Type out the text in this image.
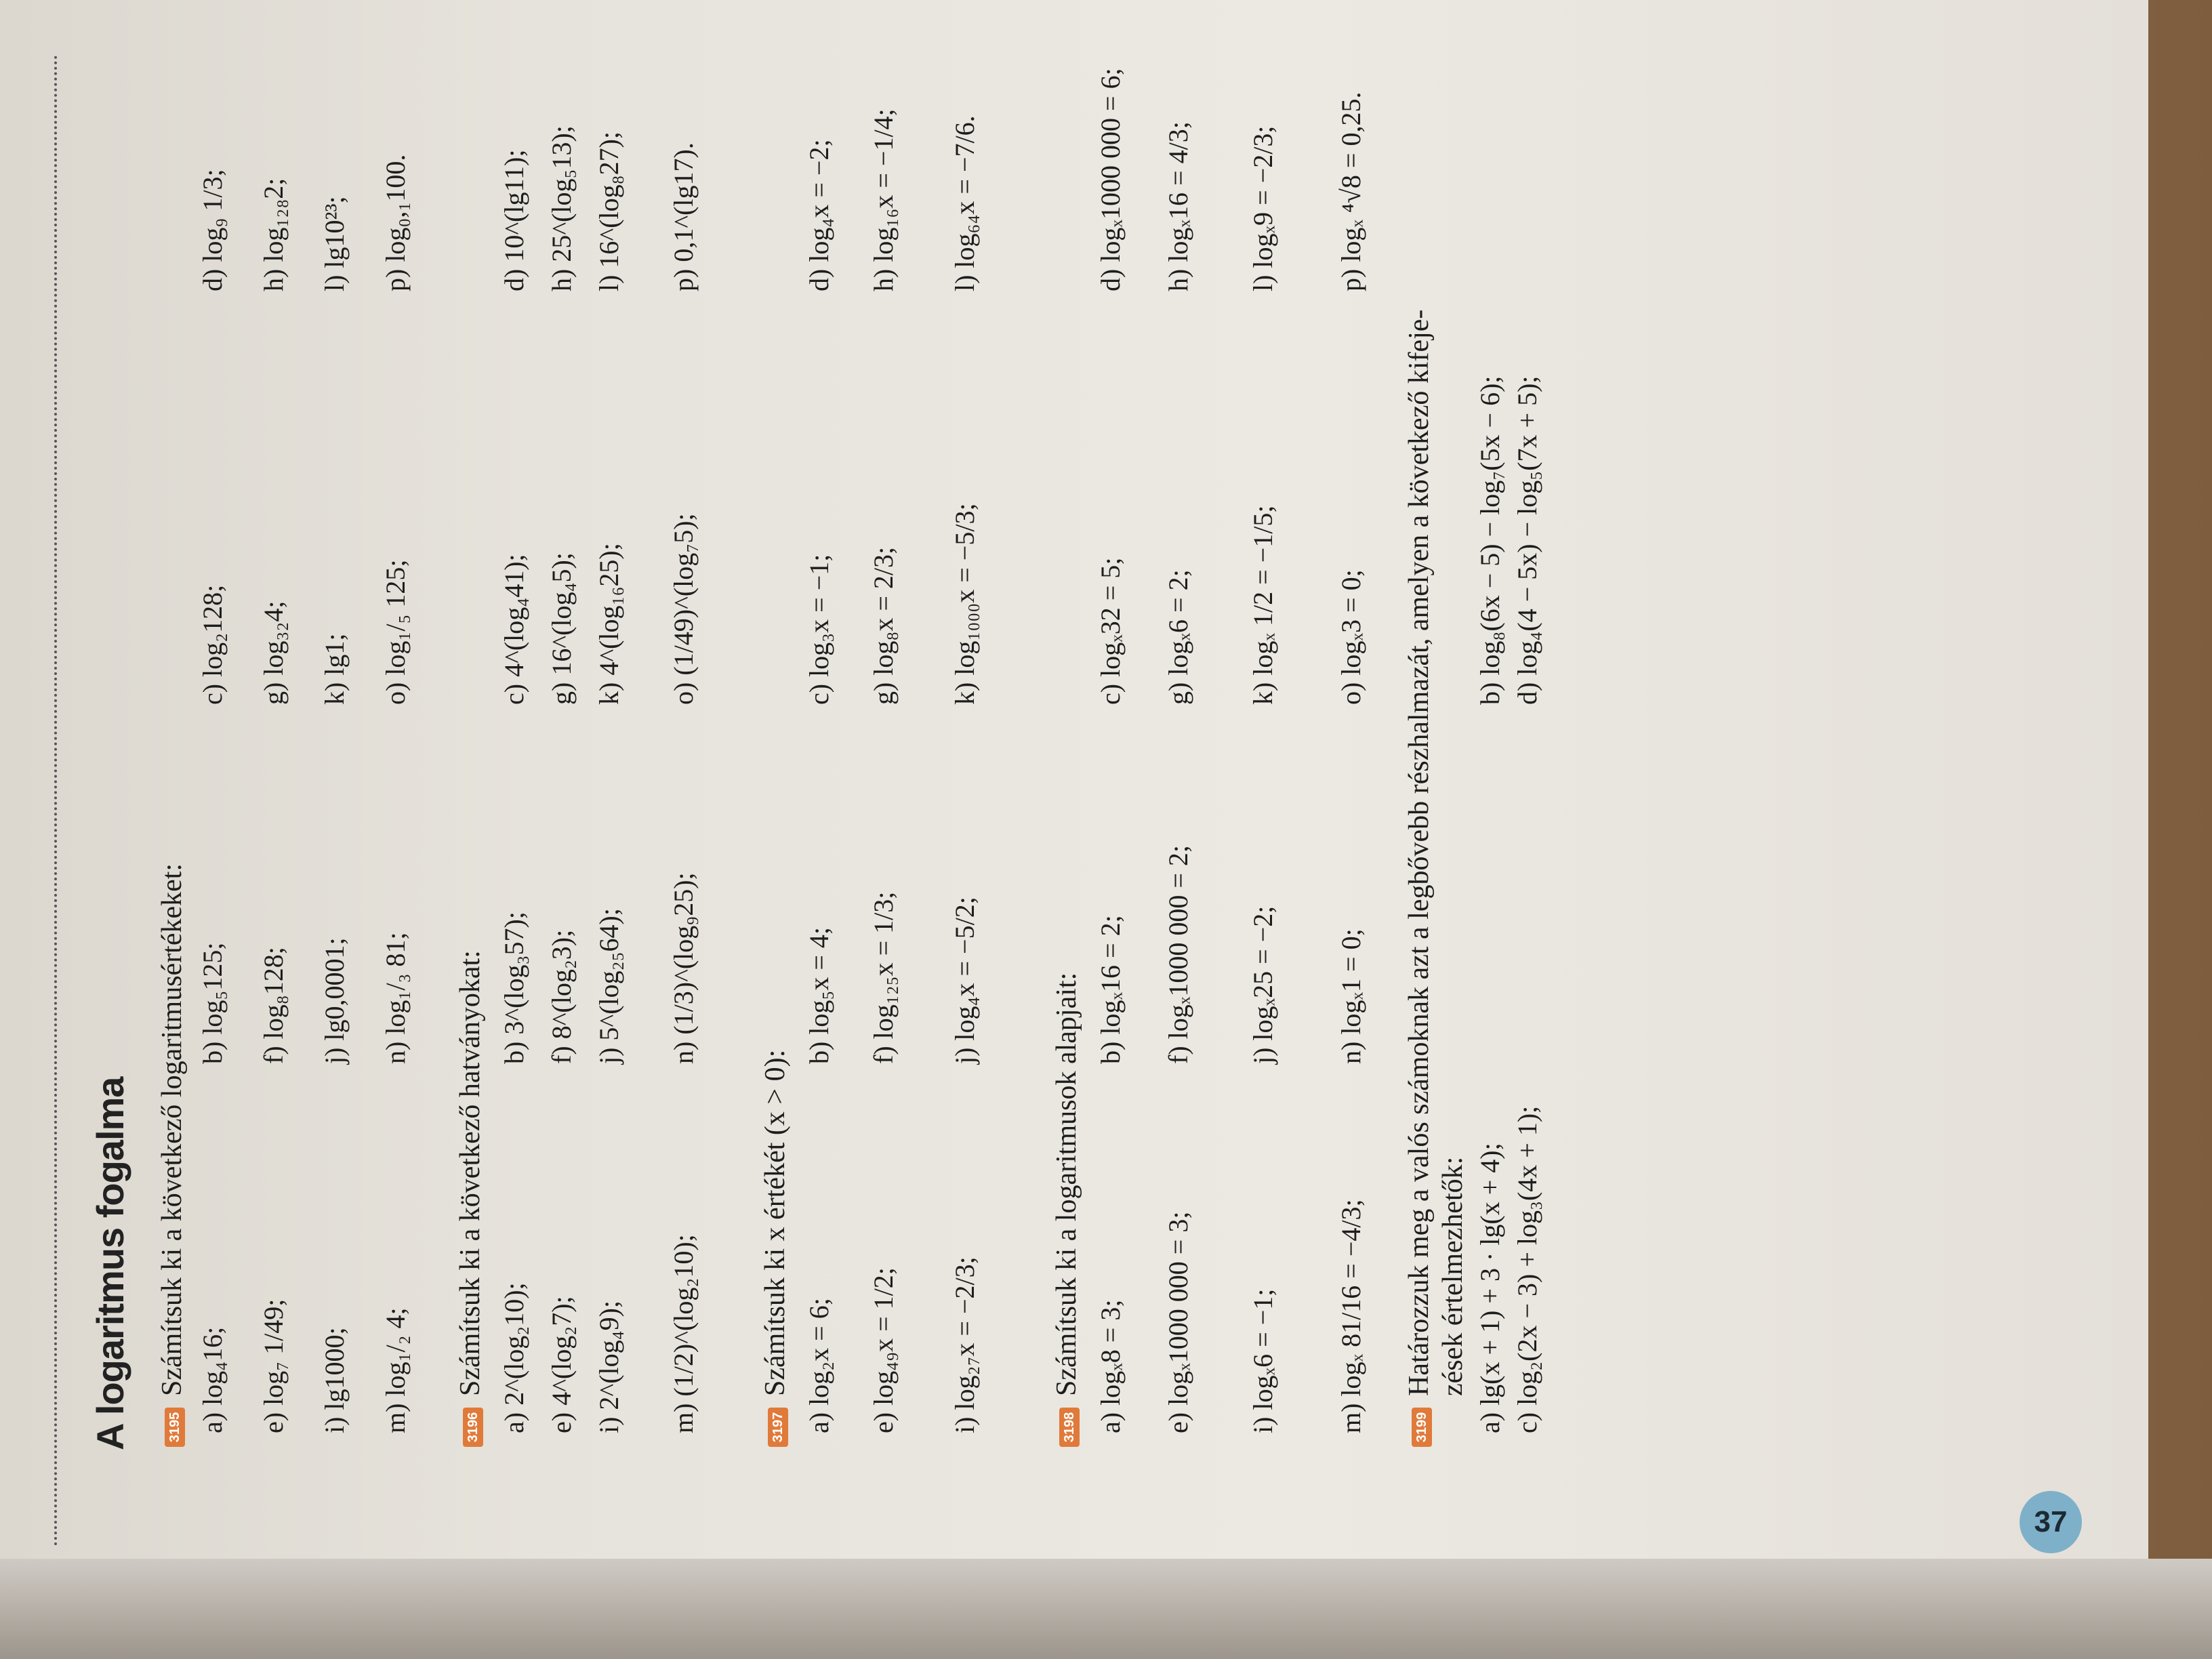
A logaritmus fogalma	3195
Számítsuk ki a következő logaritmusértékeket: a) log₄16;
b) log₅125;
c) log₂128;
d) log₉ 1/3;
e) log₇ 1/49;
f) log₈128;
g) log₃₂4;
h) log₁₂₈2;
i) lg1000;
j) lg0,0001;
k) lg1;
l) lg10²³;
m) log₁/₂ 4;
n) log₁/₃ 81;
o) log₁/₅ 125;
p) log₀,₁100.
3196
Számítsuk ki a következő hatványokat: a) 2^(log₂10);
b) 3^(log₃57);
c) 4^(log₄41);
d) 10^(lg11);
e) 4^(log₂7);
f) 8^(log₂3);
g) 16^(log₄5);
h) 25^(log₅13);
i) 2^(log₄9);
j) 5^(log₂₅64);
k) 4^(log₁₆25);
l) 16^(log₈27);
m) (1/2)^(log₂10);
n) (1/3)^(log₉25);
o) (1/49)^(log₇5);
p) 0,1^(lg17).
3197
Számítsuk ki x értékét (x > 0): a) log₂x = 6;
b) log₅x = 4;
c) log₃x = −1;
d) log₄x = −2;
e) log₄₉x = 1/2;
f) log₁₂₅x = 1/3;
g) log₈x = 2/3;
h) log₁₆x = −1/4;
i) log₂₇x = −2/3;
j) log₄x = −5/2;
k) log₁₀₀₀x = −5/3;
l) log₆₄x = −7/6.
3198
Számítsuk ki a logaritmusok alapjait: a) logₓ8 = 3;
b) logₓ16 = 2;
c) logₓ32 = 5;
d) logₓ1000 000 = 6;
e) logₓ1000 000 = 3;
f) logₓ1000 000 = 2;
g) logₓ6 = 2;
h) logₓ16 = 4/3;
i) logₓ6 = −1;
j) logₓ25 = −2;
k) logₓ 1/2 = −1/5;
l) logₓ9 = −2/3;
m) logₓ 81/16 = −4/3;
n) logₓ1 = 0;
o) logₓ3 = 0;
p) logₓ ⁴√8 = 0,25.
3199
Határozzuk meg a valós számoknak azt a legbővebb részhalmazát, amelyen a következő kifeje- zések értelmezhetők: a) lg(x + 1) + 3 · lg(x + 4);
b) log₈(6x − 5) − log₇(5x − 6);
c) log₂(2x − 3) + log₃(4x + 1);
d) log₄(4 − 5x) − log₅(7x + 5);
37
